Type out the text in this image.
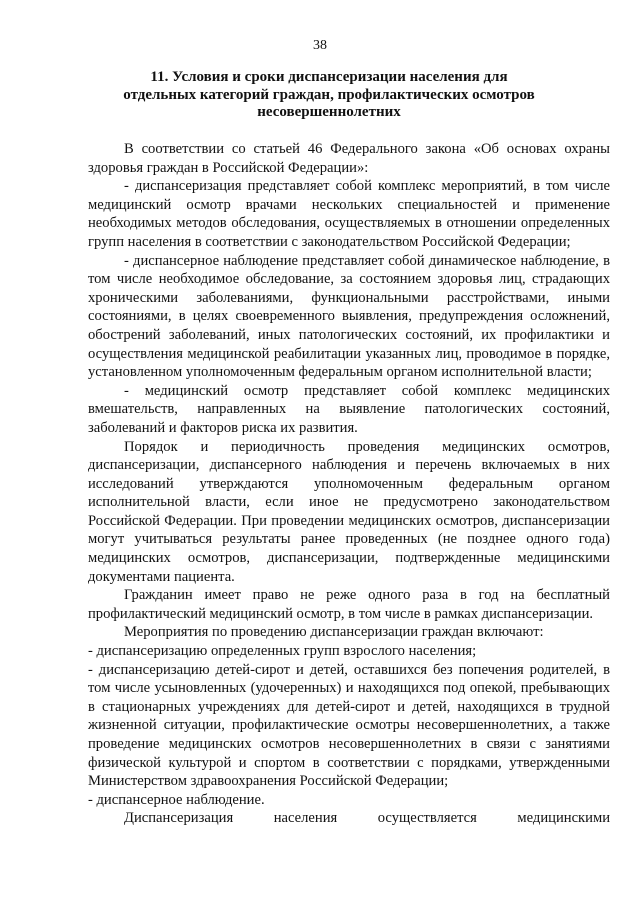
38
11. Условия и сроки диспансеризации населения для отдельных категорий граждан, профилактических осмотров несовершеннолетних

В соответствии со статьей 46 Федерального закона «Об основах охраны здоровья граждан в Российской Федерации»:

- диспансеризация представляет собой комплекс мероприятий, в том числе медицинский осмотр врачами нескольких специальностей и применение необходимых методов обследования, осуществляемых в отношении определенных групп населения в соответствии с законодательством Российской Федерации;

- диспансерное наблюдение представляет собой динамическое наблюдение, в том числе необходимое обследование, за состоянием здоровья лиц, страдающих хроническими заболеваниями, функциональными расстройствами, иными состояниями, в целях своевременного выявления, предупреждения осложнений, обострений заболеваний, иных патологических состояний, их профилактики и осуществления медицинской реабилитации указанных лиц, проводимое в порядке, установленном уполномоченным федеральным органом исполнительной власти;

- медицинский осмотр представляет собой комплекс медицинских вмешательств, направленных на выявление патологических состояний, заболеваний и факторов риска их развития.

Порядок и периодичность проведения медицинских осмотров, диспансеризации, диспансерного наблюдения и перечень включаемых в них исследований утверждаются уполномоченным федеральным органом исполнительной власти, если иное не предусмотрено законодательством Российской Федерации. При проведении медицинских осмотров, диспансеризации могут учитываться результаты ранее проведенных (не позднее одного года) медицинских осмотров, диспансеризации, подтвержденные медицинскими документами пациента.

Гражданин имеет право не реже одного раза в год на бесплатный профилактический медицинский осмотр, в том числе в рамках диспансеризации.

Мероприятия по проведению диспансеризации граждан включают:

- диспансеризацию определенных групп взрослого населения;

- диспансеризацию детей-сирот и детей, оставшихся без попечения родителей, в том числе усыновленных (удочеренных) и находящихся под опекой, пребывающих в стационарных учреждениях для детей-сирот и детей, находящихся в трудной жизненной ситуации, профилактические осмотры несовершеннолетних, а также проведение медицинских осмотров несовершеннолетних в связи с занятиями физической культурой и спортом в соответствии с порядками, утвержденными Министерством здравоохранения Российской Федерации;

- диспансерное наблюдение.

Диспансеризация населения осуществляется медицинскими
